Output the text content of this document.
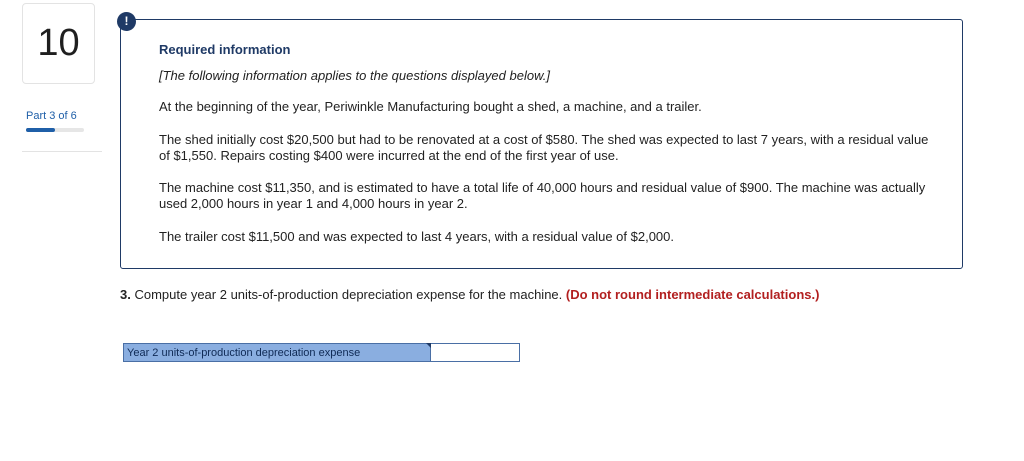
10
Part 3 of 6
!
Required information
[The following information applies to the questions displayed below.]
At the beginning of the year, Periwinkle Manufacturing bought a shed, a machine, and a trailer.
The shed initially cost $20,500 but had to be renovated at a cost of $580. The shed was expected to last 7 years, with a residual value of $1,550. Repairs costing $400 were incurred at the end of the first year of use.
The machine cost $11,350, and is estimated to have a total life of 40,000 hours and residual value of $900. The machine was actually used 2,000 hours in year 1 and 4,000 hours in year 2.
The trailer cost $11,500 and was expected to last 4 years, with a residual value of $2,000.
3. Compute year 2 units-of-production depreciation expense for the machine. (Do not round intermediate calculations.)
Year 2 units-of-production depreciation expense
